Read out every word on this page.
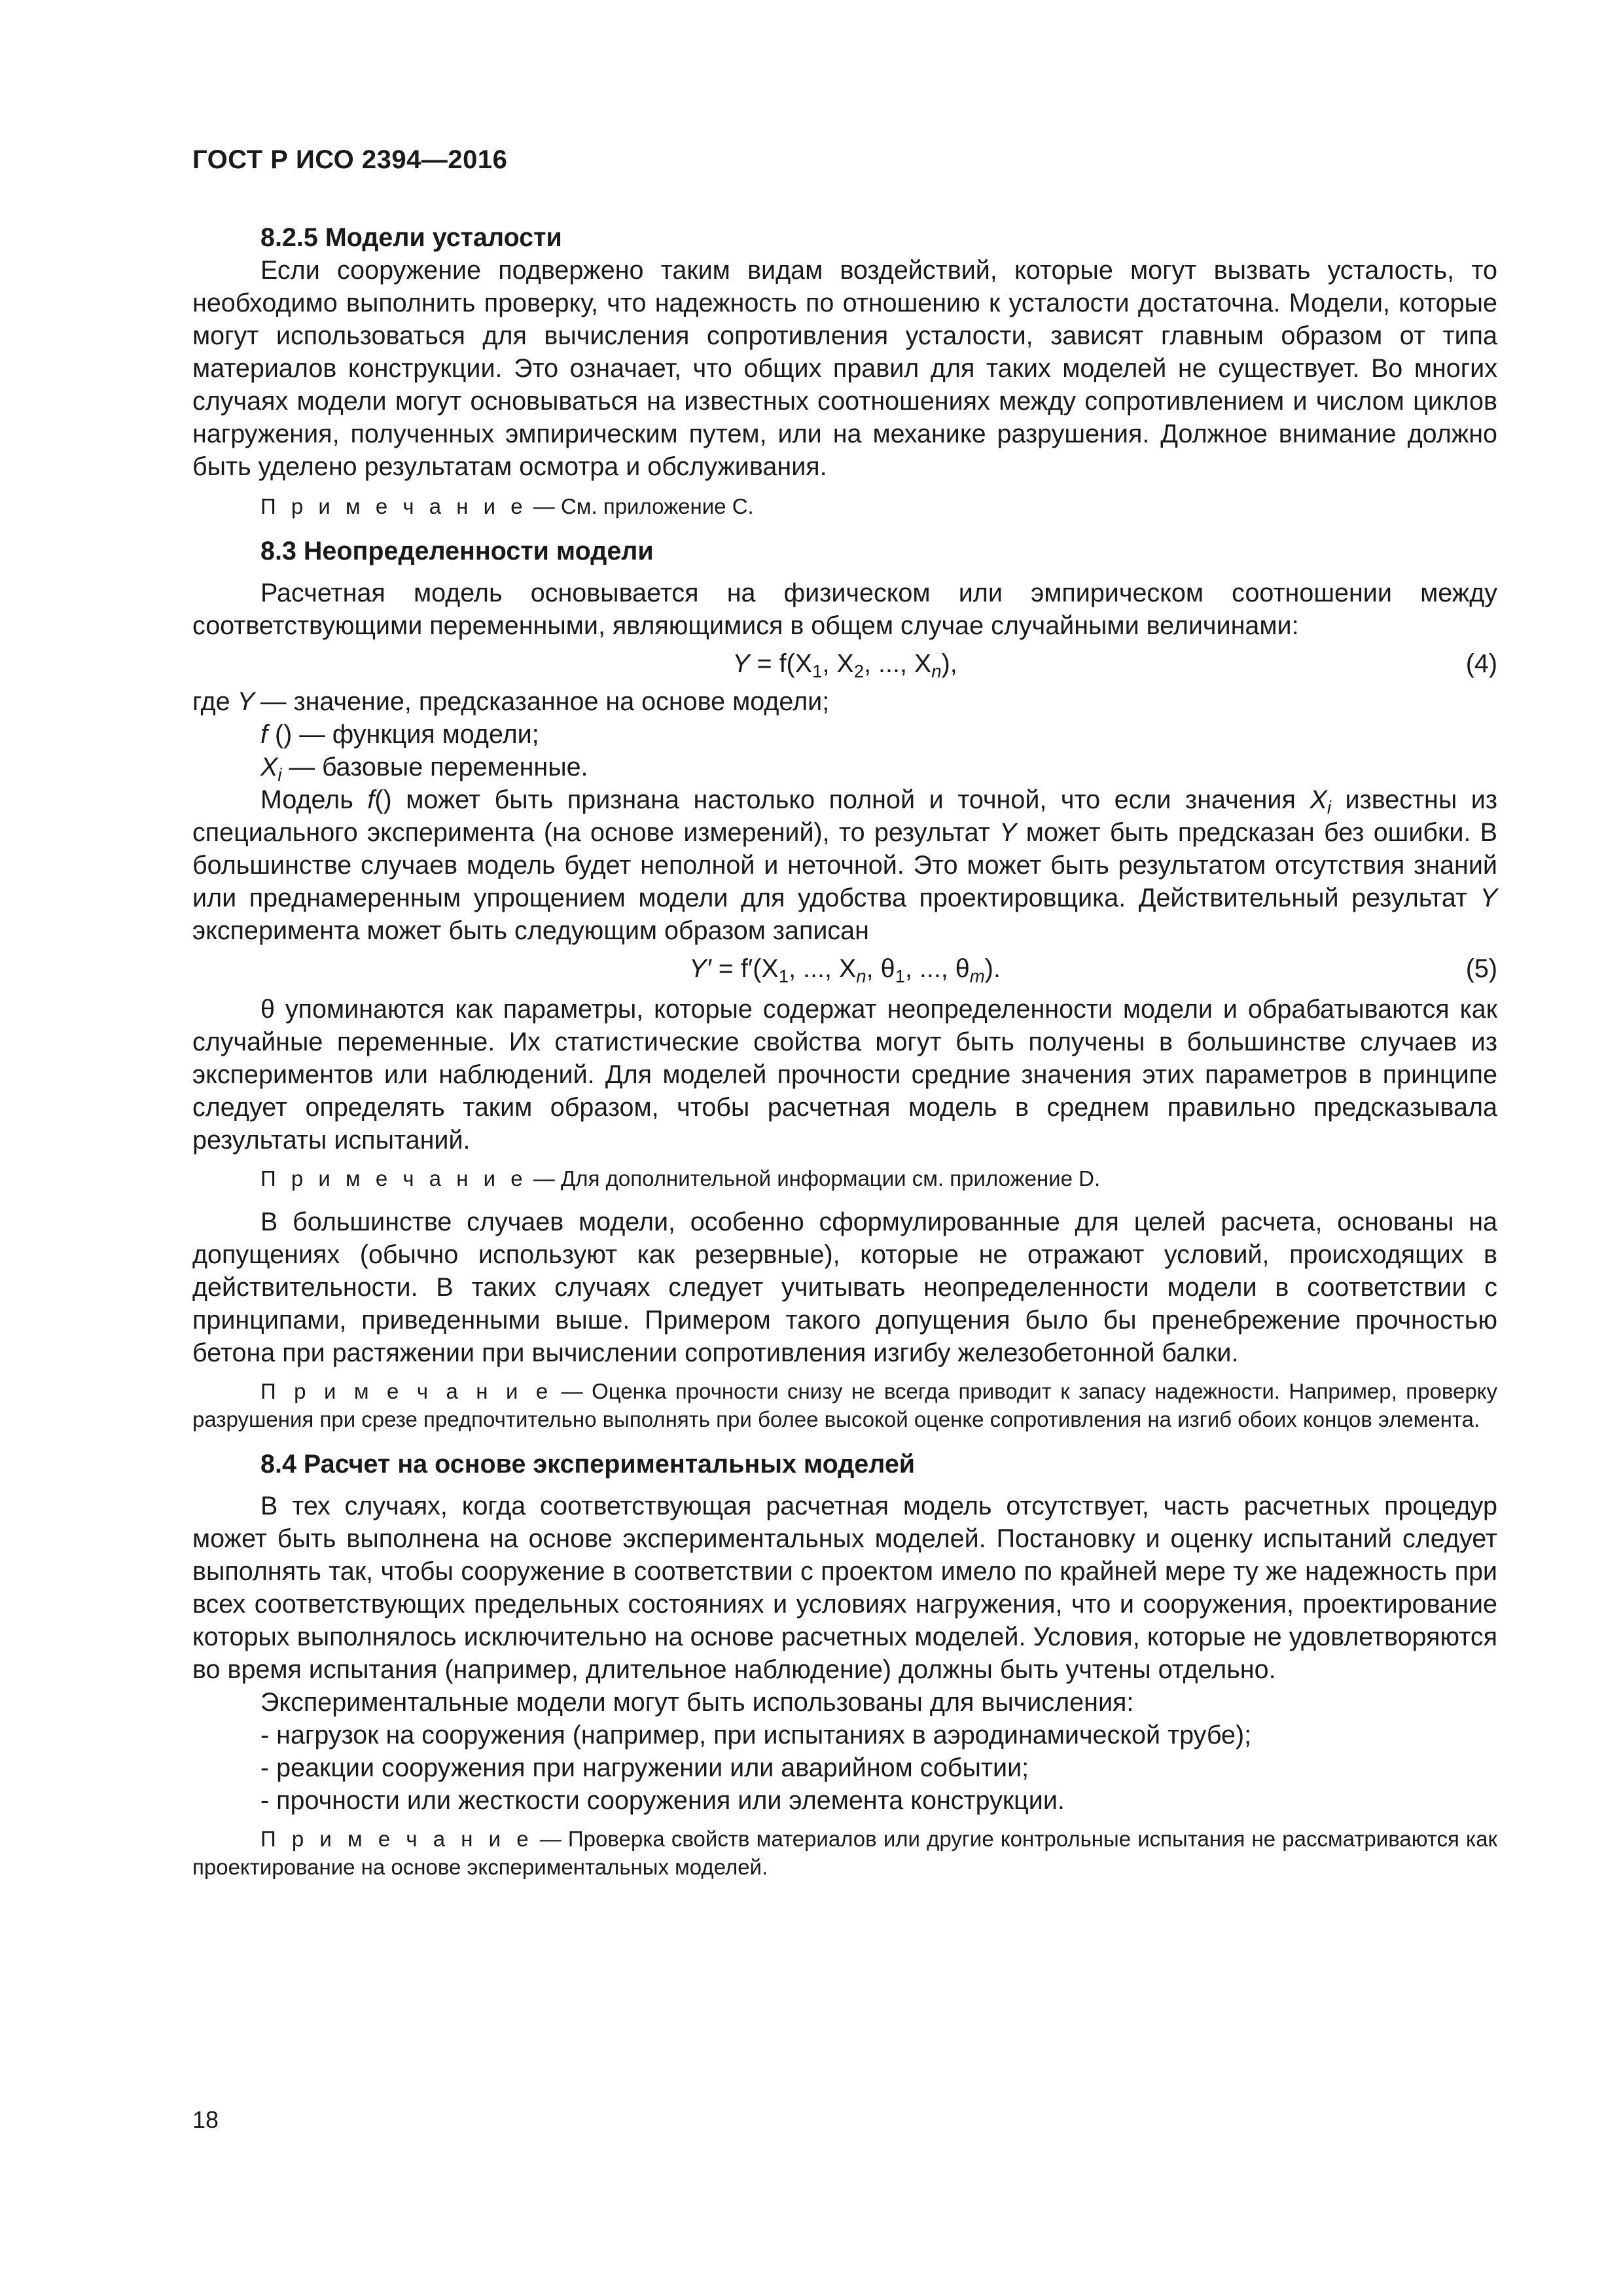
ГОСТ Р ИСО 2394—2016

8.2.5 Модели усталости

Если сооружение подвержено таким видам воздействий, которые могут вызвать усталость, то необходимо выполнить проверку, что надежность по отношению к усталости достаточна. Модели, которые могут использоваться для вычисления сопротивления усталости, зависят главным образом от типа материалов конструкции. Это означает, что общих правил для таких моделей не существует. Во многих случаях модели могут основываться на известных соотношениях между сопротивлением и числом циклов нагружения, полученных эмпирическим путем, или на механике разрушения. Должное внимание должно быть уделено результатам осмотра и обслуживания.

П р и м е ч а н и е — См. приложение С.

8.3 Неопределенности модели

Расчетная модель основывается на физическом или эмпирическом соотношении между соответствующими переменными, являющимися в общем случае случайными величинами:

$Y = f(X_1$, $X_2$, ..., $X_n$),	(4)

где Y — значение, предсказанное на основе модели;

f () — функция модели;

$X_i$ — базовые переменные.

Модель f() может быть признана настолько полной и точной, что если значения $X_i$ известны из специального эксперимента (на основе измерений), то результат Y может быть предсказан без ошибки. В большинстве случаев модель будет неполной и неточной. Это может быть результатом отсутствия знаний или преднамеренным упрощением модели для удобства проектировщика. Действительный результат Y эксперимента может быть следующим образом записан

$Y' = f'(X_1$, ..., $X_n$, $\theta_1$, ..., $\theta_m$).	(5)

θ упоминаются как параметры, которые содержат неопределенности модели и обрабатываются как случайные переменные. Их статистические свойства могут быть получены в большинстве случаев из экспериментов или наблюдений. Для моделей прочности средние значения этих параметров в принципе следует определять таким образом, чтобы расчетная модель в среднем правильно предсказывала результаты испытаний.

П р и м е ч а н и е — Для дополнительной информации см. приложение D.

В большинстве случаев модели, особенно сформулированные для целей расчета, основаны на допущениях (обычно используют как резервные), которые не отражают условий, происходящих в действительности. В таких случаях следует учитывать неопределенности модели в соответствии с принципами, приведенными выше. Примером такого допущения было бы пренебрежение прочностью бетона при растяжении при вычислении сопротивления изгибу железобетонной балки.

П р и м е ч а н и е — Оценка прочности снизу не всегда приводит к запасу надежности. Например, проверку разрушения при срезе предпочтительно выполнять при более высокой оценке сопротивления на изгиб обоих концов элемента.

8.4 Расчет на основе экспериментальных моделей

В тех случаях, когда соответствующая расчетная модель отсутствует, часть расчетных процедур может быть выполнена на основе экспериментальных моделей. Постановку и оценку испытаний следует выполнять так, чтобы сооружение в соответствии с проектом имело по крайней мере ту же надежность при всех соответствующих предельных состояниях и условиях нагружения, что и сооружения, проектирование которых выполнялось исключительно на основе расчетных моделей. Условия, которые не удовлетворяются во время испытания (например, длительное наблюдение) должны быть учтены отдельно.

Экспериментальные модели могут быть использованы для вычисления:

- нагрузок на сооружения (например, при испытаниях в аэродинамической трубе);

- реакции сооружения при нагружении или аварийном событии;

- прочности или жесткости сооружения или элемента конструкции.

П р и м е ч а н и е — Проверка свойств материалов или другие контрольные испытания не рассматриваются как проектирование на основе экспериментальных моделей.

18
